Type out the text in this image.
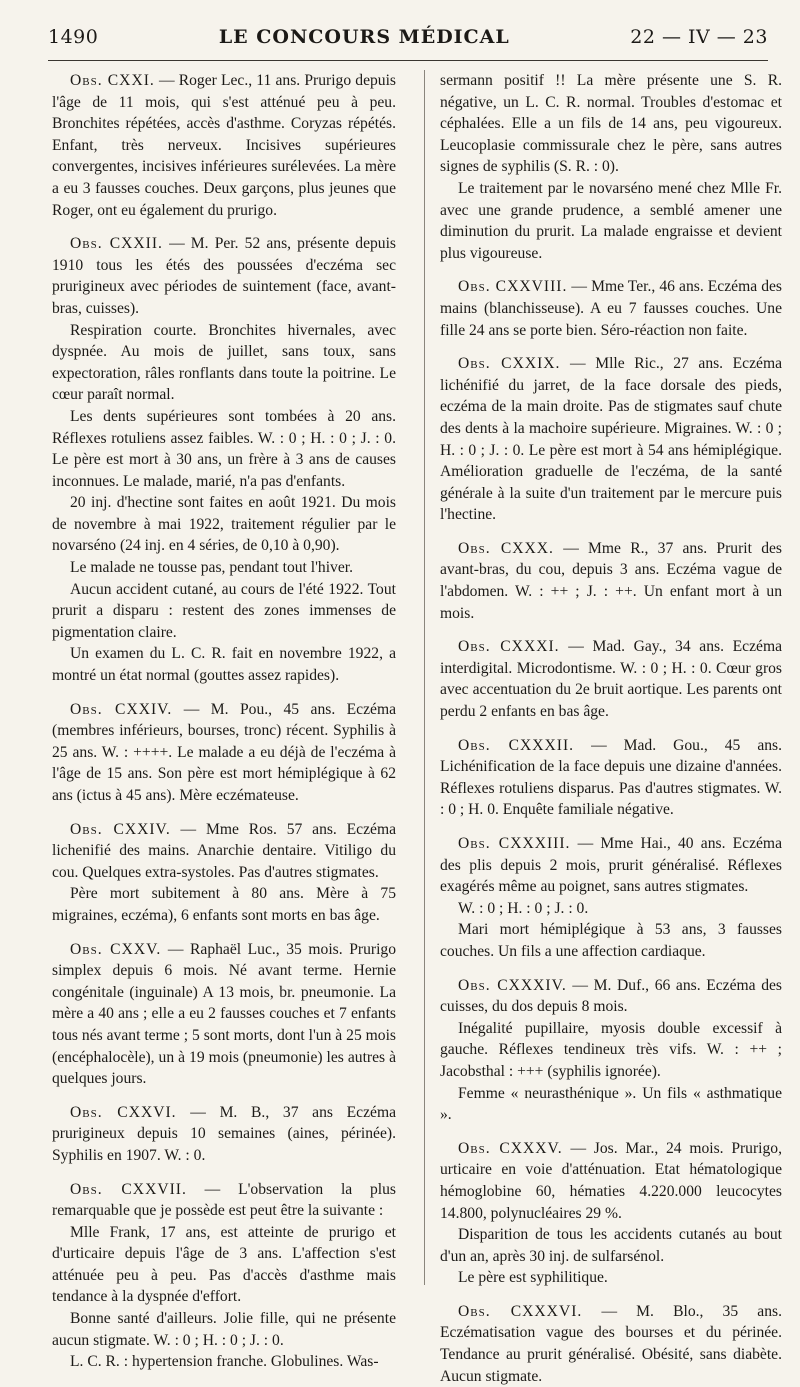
1490	LE CONCOURS MÉDICAL	22 — IV — 23

Obs. CXXI. — Roger Lec., 11 ans. Prurigo depuis l'âge de 11 mois, qui s'est atténué peu à peu. Bronchites répétées, accès d'asthme. Coryzas répétés. Enfant, très nerveux. Incisives supérieures convergentes, incisives inférieures surélevées. La mère a eu 3 fausses couches. Deux garçons, plus jeunes que Roger, ont eu également du prurigo.

Obs. CXXII. — M. Per. 52 ans, présente depuis 1910 tous les étés des poussées d'eczéma sec prurigineux avec périodes de suintement (face, avant-bras, cuisses).

Respiration courte. Bronchites hivernales, avec dyspnée. Au mois de juillet, sans toux, sans expectoration, râles ronflants dans toute la poitrine. Le cœur paraît normal.

Les dents supérieures sont tombées à 20 ans. Réflexes rotuliens assez faibles. W. : 0 ; H. : 0 ; J. : 0. Le père est mort à 30 ans, un frère à 3 ans de causes inconnues. Le malade, marié, n'a pas d'enfants.

20 inj. d'hectine sont faites en août 1921. Du mois de novembre à mai 1922, traitement régulier par le novarséno (24 inj. en 4 séries, de 0,10 à 0,90).

Le malade ne tousse pas, pendant tout l'hiver.

Aucun accident cutané, au cours de l'été 1922. Tout prurit a disparu : restent des zones immenses de pigmentation claire.

Un examen du L. C. R. fait en novembre 1922, a montré un état normal (gouttes assez rapides).

Obs. CXXIV. — M. Pou., 45 ans. Eczéma (membres inférieurs, bourses, tronc) récent. Syphilis à 25 ans. W. : ++++. Le malade a eu déjà de l'eczéma à l'âge de 15 ans. Son père est mort hémiplégique à 62 ans (ictus à 45 ans). Mère eczémateuse.

Obs. CXXIV. — Mme Ros. 57 ans. Eczéma lichenifié des mains. Anarchie dentaire. Vitiligo du cou. Quelques extra-systoles. Pas d'autres stigmates.

Père mort subitement à 80 ans. Mère à 75 migraines, eczéma), 6 enfants sont morts en bas âge.

Obs. CXXV. — Raphaël Luc., 35 mois. Prurigo simplex depuis 6 mois. Né avant terme. Hernie congénitale (inguinale) A 13 mois, br. pneumonie. La mère a 40 ans ; elle a eu 2 fausses couches et 7 enfants tous nés avant terme ; 5 sont morts, dont l'un à 25 mois (encéphalocèle), un à 19 mois (pneumonie) les autres à quelques jours.

Obs. CXXVI. — M. B., 37 ans Eczéma prurigineux depuis 10 semaines (aines, périnée). Syphilis en 1907. W. : 0.

Obs. CXXVII. — L'observation la plus remarquable que je possède est peut être la suivante :

Mlle Frank, 17 ans, est atteinte de prurigo et d'urticaire depuis l'âge de 3 ans. L'affection s'est atténuée peu à peu. Pas d'accès d'asthme mais tendance à la dyspnée d'effort.

Bonne santé d'ailleurs. Jolie fille, qui ne présente aucun stigmate. W. : 0 ; H. : 0 ; J. : 0.

L. C. R. : hypertension franche. Globulines. Was-

sermann positif !! La mère présente une S. R. négative, un L. C. R. normal. Troubles d'estomac et céphalées. Elle a un fils de 14 ans, peu vigoureux. Leucoplasie commissurale chez le père, sans autres signes de syphilis (S. R. : 0).

Le traitement par le novarséno mené chez Mlle Fr. avec une grande prudence, a semblé amener une diminution du prurit. La malade engraisse et devient plus vigoureuse.

Obs. CXXVIII. — Mme Ter., 46 ans. Eczéma des mains (blanchisseuse). A eu 7 fausses couches. Une fille 24 ans se porte bien. Séro-réaction non faite.

Obs. CXXIX. — Mlle Ric., 27 ans. Eczéma lichénifié du jarret, de la face dorsale des pieds, eczéma de la main droite. Pas de stigmates sauf chute des dents à la machoire supérieure. Migraines. W. : 0 ; H. : 0 ; J. : 0. Le père est mort à 54 ans hémiplégique. Amélioration graduelle de l'eczéma, de la santé générale à la suite d'un traitement par le mercure puis l'hectine.

Obs. CXXX. — Mme R., 37 ans. Prurit des avant-bras, du cou, depuis 3 ans. Eczéma vague de l'abdomen. W. : ++ ; J. : ++. Un enfant mort à un mois.

Obs. CXXXI. — Mad. Gay., 34 ans. Eczéma interdigital. Microdontisme. W. : 0 ; H. : 0. Cœur gros avec accentuation du 2e bruit aortique. Les parents ont perdu 2 enfants en bas âge.

Obs. CXXXII. — Mad. Gou., 45 ans. Lichénification de la face depuis une dizaine d'années. Réflexes rotuliens disparus. Pas d'autres stigmates. W. : 0 ; H. 0. Enquête familiale négative.

Obs. CXXXIII. — Mme Hai., 40 ans. Eczéma des plis depuis 2 mois, prurit généralisé. Réflexes exagérés même au poignet, sans autres stigmates.

W. : 0 ; H. : 0 ; J. : 0.

Mari mort hémiplégique à 53 ans, 3 fausses couches. Un fils a une affection cardiaque.

Obs. CXXXIV. — M. Duf., 66 ans. Eczéma des cuisses, du dos depuis 8 mois.

Inégalité pupillaire, myosis double excessif à gauche. Réflexes tendineux très vifs. W. : ++ ; Jacobsthal : +++ (syphilis ignorée).

Femme « neurasthénique ». Un fils « asthmatique ».

Obs. CXXXV. — Jos. Mar., 24 mois. Prurigo, urticaire en voie d'atténuation. Etat hématologique hémoglobine 60, hématies 4.220.000 leucocytes 14.800, polynucléaires 29 %.

Disparition de tous les accidents cutanés au bout d'un an, après 30 inj. de sulfarsénol.

Le père est syphilitique.

Obs. CXXXVI. — M. Blo., 35 ans. Eczématisation vague des bourses et du périnée. Tendance au prurit généralisé. Obésité, sans diabète. Aucun stigmate.
